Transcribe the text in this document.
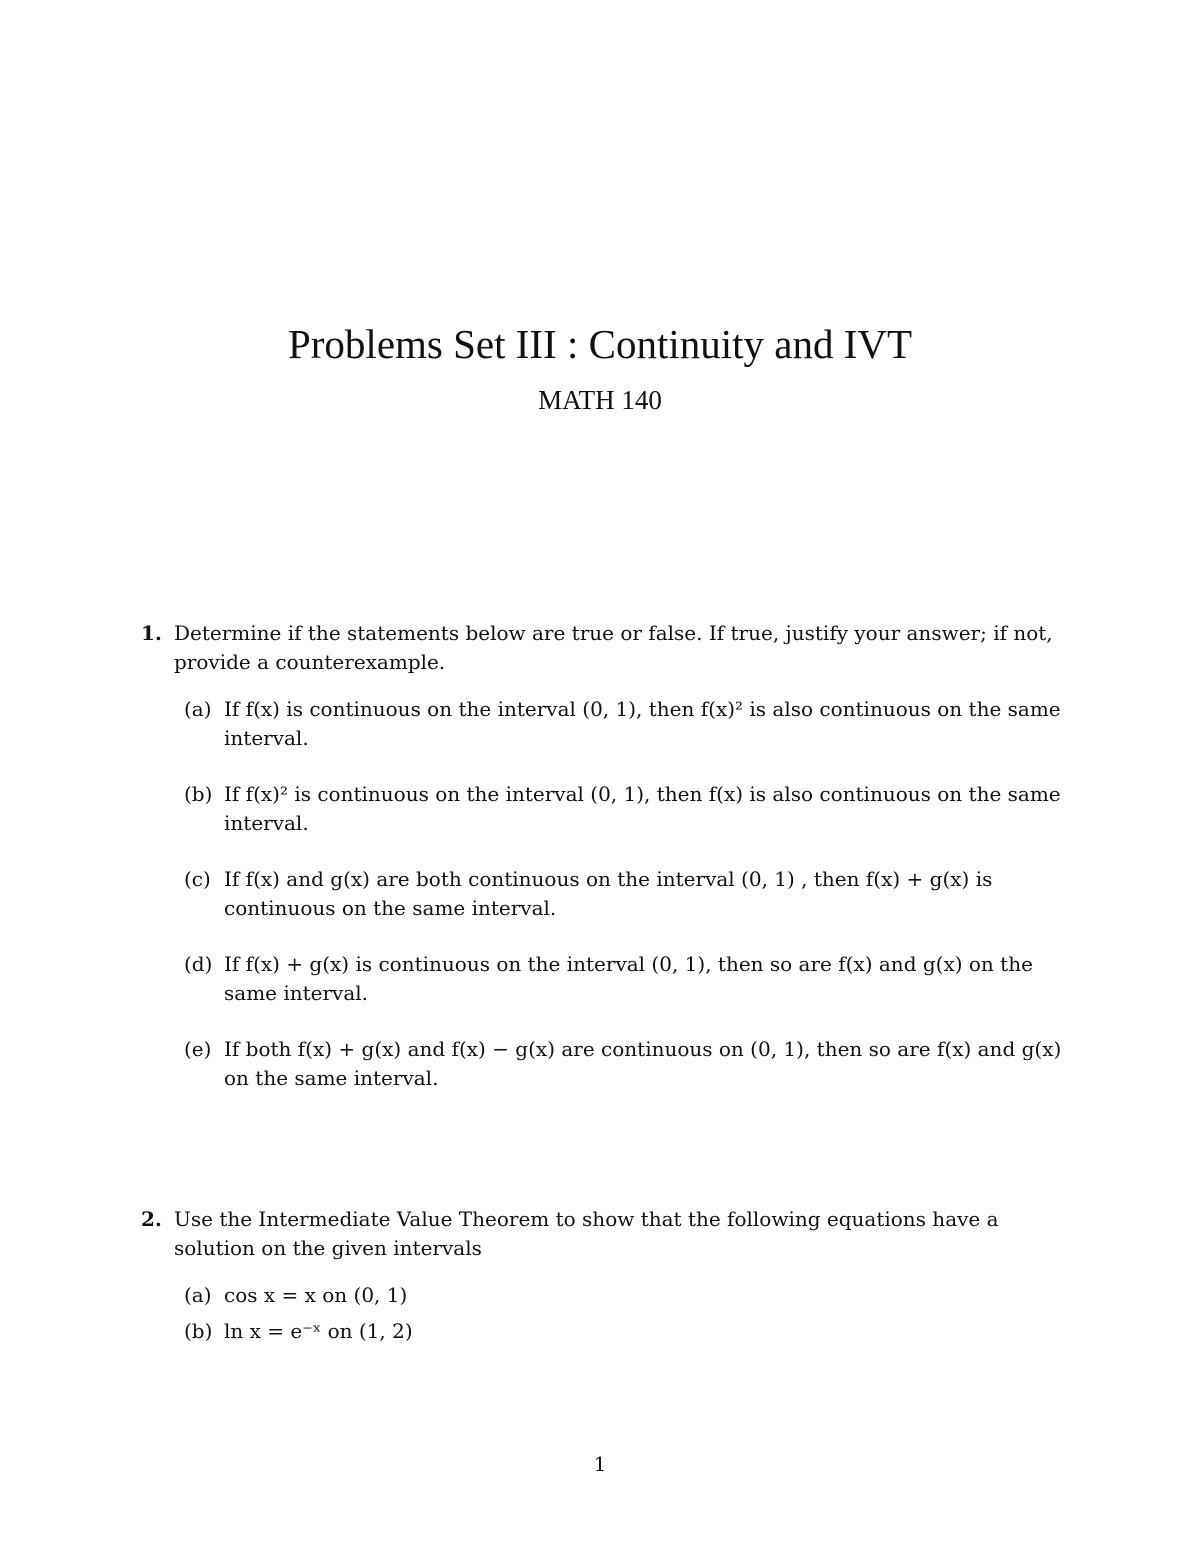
Problems Set III : Continuity and IVT
MATH 140
1. Determine if the statements below are true or false. If true, justify your answer; if not, provide a counterexample.
(a) If f(x) is continuous on the interval (0, 1), then f(x)² is also continuous on the same interval.
(b) If f(x)² is continuous on the interval (0, 1), then f(x) is also continuous on the same interval.
(c) If f(x) and g(x) are both continuous on the interval (0, 1) , then f(x) + g(x) is continuous on the same interval.
(d) If f(x) + g(x) is continuous on the interval (0, 1), then so are f(x) and g(x) on the same interval.
(e) If both f(x) + g(x) and f(x) − g(x) are continuous on (0, 1), then so are f(x) and g(x) on the same interval.
2. Use the Intermediate Value Theorem to show that the following equations have a solution on the given intervals
(a) cos x = x on (0, 1)
(b) ln x = e⁻ˣ on (1, 2)
1
